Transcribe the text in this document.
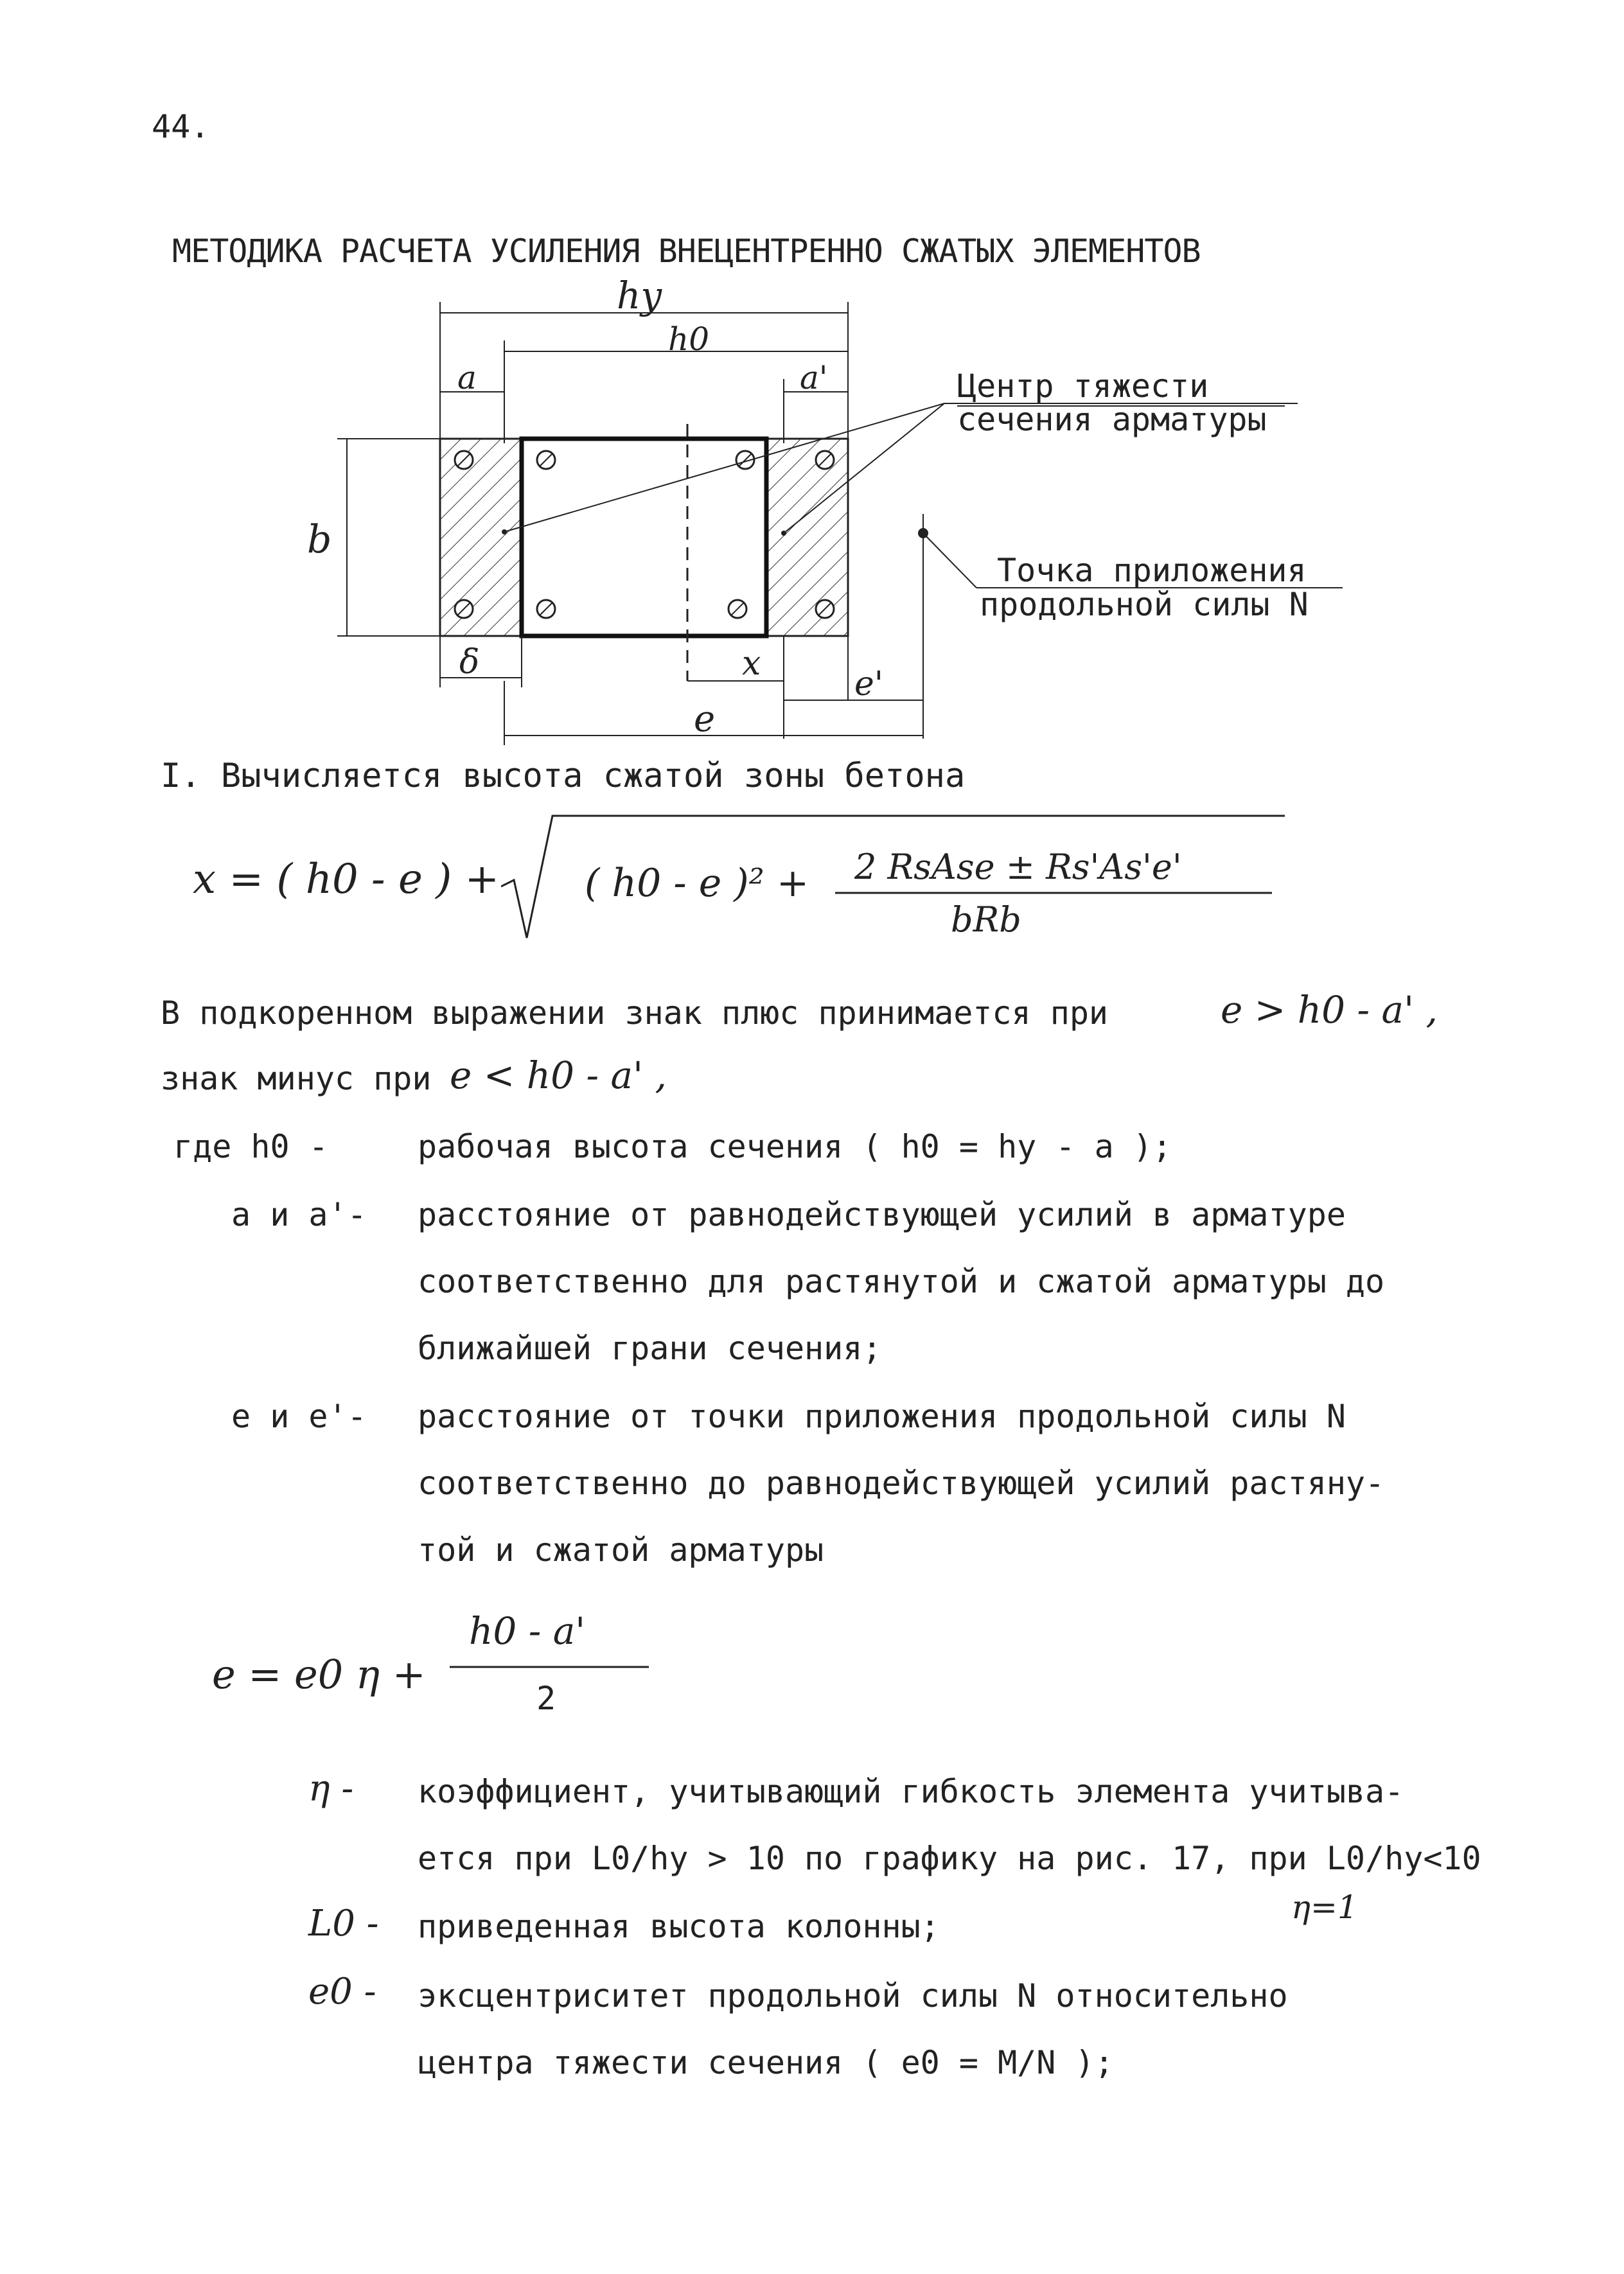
44.
МЕТОДИКА РАСЧЕТА УСИЛЕНИЯ ВНЕЦЕНТРЕННО СЖАТЫХ ЭЛЕМЕНТОВ
hy
h0
a	a'
b
Центр тяжести
сечения арматуры
Точка приложения
продольной силы N
δ	x
e'
e
I. Вычисляется высота сжатой зоны бетона
x = ( h0 - e ) + ( h0 - e )² + 2 RsAse ± Rs'As'e'
bRb
В подкоренном выражении знак плюс принимается при	e > h0 - a' ,
знак минус при e < h0 - a' ,
где h0 -	рабочая высота сечения ( h0 = hy - a );
a и a'- расстояние от равнодействующей усилий в арматуре
соответственно для растянутой и сжатой арматуры до
ближайшей грани сечения;
e и e'- расстояние от точки приложения продольной силы N
соответственно до равнодействующей усилий растяну-
той и сжатой арматуры
e = e0 η +
h0 - a'
2
η - коэффициент, учитывающий гибкость элемента учитыва-
ется при L0/hy > 10 по графику на рис. 17, при L0/hy<10
η=1
L0 - приведенная высота колонны;
e0 - эксцентриситет продольной силы N относительно
центра тяжести сечения ( e0 = M/N );
